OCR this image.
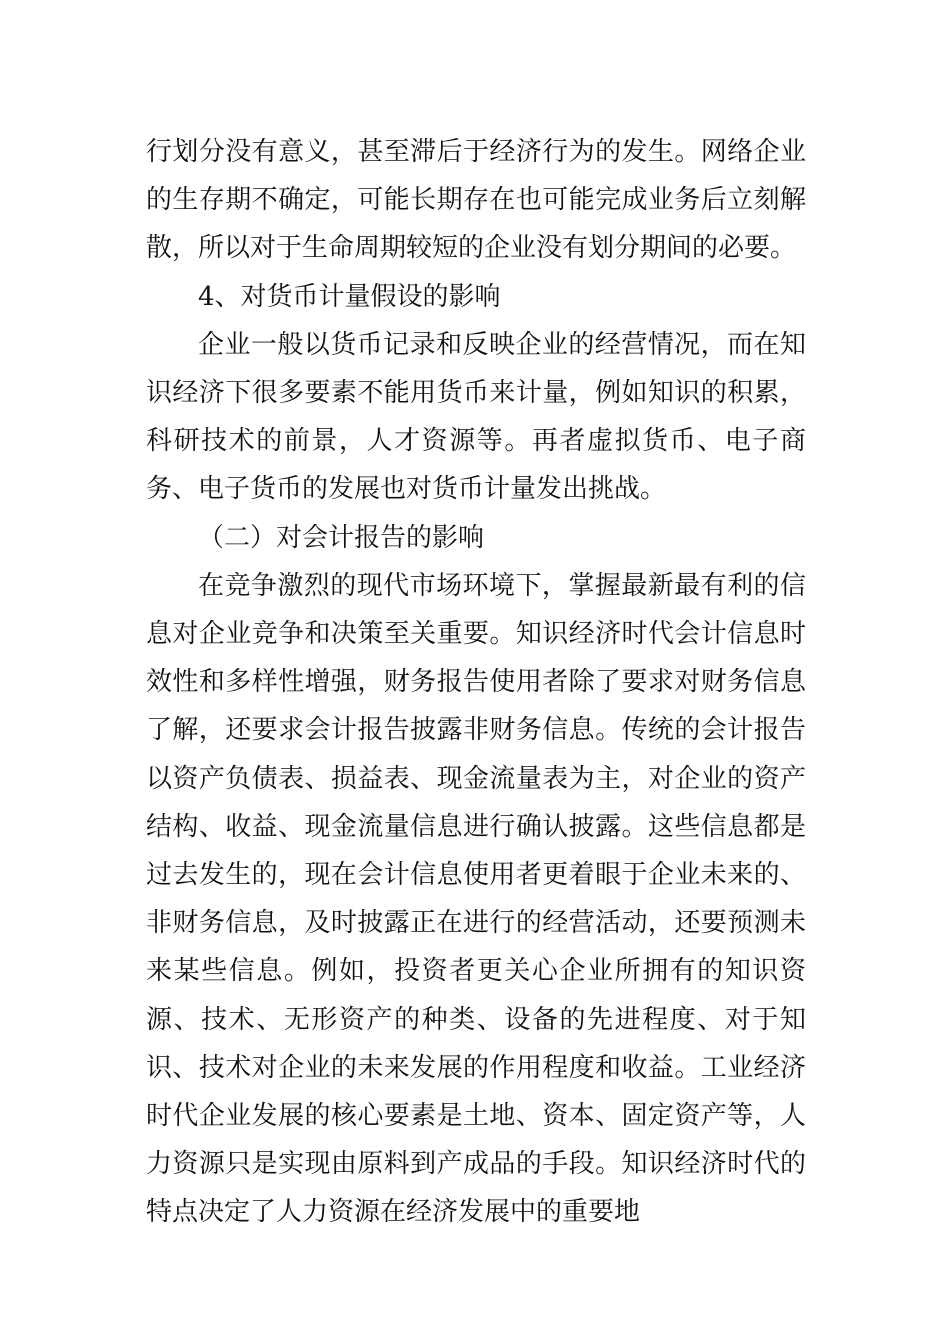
行划分没有意义，甚至滞后于经济行为的发生。网络企业的生存期不确定，可能长期存在也可能完成业务后立刻解散，所以对于生命周期较短的企业没有划分期间的必要。

4、对货币计量假设的影响

企业一般以货币记录和反映企业的经营情况，而在知识经济下很多要素不能用货币来计量，例如知识的积累，科研技术的前景，人才资源等。再者虚拟货币、电子商务、电子货币的发展也对货币计量发出挑战。

（二）对会计报告的影响

在竞争激烈的现代市场环境下，掌握最新最有利的信息对企业竞争和决策至关重要。知识经济时代会计信息时效性和多样性增强，财务报告使用者除了要求对财务信息了解，还要求会计报告披露非财务信息。传统的会计报告以资产负债表、损益表、现金流量表为主，对企业的资产结构、收益、现金流量信息进行确认披露。这些信息都是过去发生的，现在会计信息使用者更着眼于企业未来的、非财务信息，及时披露正在进行的经营活动，还要预测未来某些信息。例如，投资者更关心企业所拥有的知识资源、技术、无形资产的种类、设备的先进程度、对于知识、技术对企业的未来发展的作用程度和收益。工业经济时代企业发展的核心要素是土地、资本、固定资产等，人力资源只是实现由原料到产成品的手段。知识经济时代的特点决定了人力资源在经济发展中的重要地
